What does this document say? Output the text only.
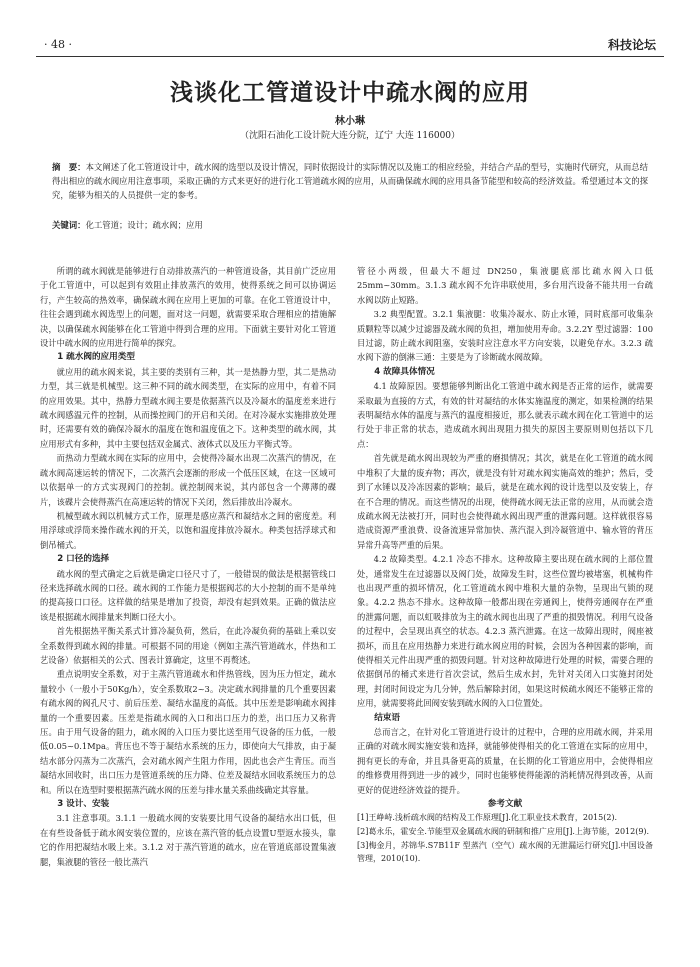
· 48 ·	科技论坛
浅谈化工管道设计中疏水阀的应用
林小琳
（沈阳石油化工设计院大连分院，辽宁 大连 116000）
摘　要：本文阐述了化工管道设计中，疏水阀的选型以及设计情况，同时依据设计的实际情况以及施工的相应经验，并结合产品的型号，实施时代研究，从而总结得出相应的疏水阀应用注意事项，采取正确的方式来更好的进行化工管道疏水阀的应用，从而确保疏水阀的应用具备节能型和较高的经济效益。希望通过本文的探究，能够为相关的人员提供一定的参考。
关键词：化工管道；设计；疏水阀；应用

所谓的疏水阀就是能够进行自动排放蒸汽的一种管道设备，其目前广泛应用于化工管道中，可以起到有效阻止排放蒸汽的效用，使得系统之间可以协调运行，产生较高的热效率，确保疏水阀在应用上更加的可靠。在化工管道设计中，往往会遇到疏水阀选型上的问题，面对这一问题，就需要采取合理相应的措施解决，以确保疏水阀能够在化工管道中得到合理的应用。下面就主要针对化工管道设计中疏水阀的应用进行简单的探究。

1 疏水阀的应用类型

就应用的疏水阀来说，其主要的类别有三种，其一是热静力型，其二是热动力型，其三就是机械型。这三种不同的疏水阀类型，在实际的应用中，有着不同的应用效果。其中，热静力型疏水阀主要是依据蒸汽以及冷凝水的温度差来进行疏水阀感温元件的控制，从而操控阀门的开启和关闭。在对冷凝水实施排放处理时，还需要有效的确保冷凝水的温度在饱和温度值之下。这种类型的疏水阀，其应用形式有多种，其中主要包括双金属式、液体式以及压力平衡式等。

而热动力型疏水阀在实际的应用中，会使得冷凝水出现二次蒸汽的情况，在疏水阀高速运转的情况下，二次蒸汽会逐渐的形成一个低压区域，在这一区域可以依据单一的方式实现阀门的控制。就控制阀来说，其内部包含一个薄薄的碟片，该碟片会使得蒸汽在高速运转的情况下关闭，然后排放出冷凝水。

机械型疏水阀以机械方式工作，原理是感应蒸汽和凝结水之间的密度差。利用浮球或浮筒来操作疏水阀的开关，以饱和温度排放冷凝水。种类包括浮球式和倒吊桶式。

2 口径的选择

疏水阀的型式确定之后就是确定口径尺寸了，一般错误的做法是根据管线口径来选择疏水阀的口径。疏水阀的工作能力是根据阀芯的大小控制的而不是单纯的提高接口口径。这样做的结果是增加了投资，却没有起到效果。正确的做法应该是根据疏水阀排量来判断口径大小。

首先根据热平衡关系式计算冷凝负荷，然后，在此冷凝负荷的基础上乘以安全系数得到疏水阀的排量。可根据不同的用途（例如主蒸汽管道疏水，伴热和工艺设备）依据相关的公式、图表计算确定，这里不再赘述。

重点说明安全系数，对于主蒸汽管道疏水和伴热管线，因为压力恒定，疏水量较小（一般小于50Kg/h），安全系数取2~3。决定疏水阀排量的几个重要因素有疏水阀的阀孔尺寸、前后压差、凝结水温度的高低。其中压差是影响疏水阀排量的一个重要因素。压差是指疏水阀的入口和出口压力的差，出口压力又称背压。由于用气设备的阻力，疏水阀的入口压力要比送至用气设备的压力低，一般低0.05~0.1Mpa。背压也不等于凝结水系统的压力，即使向大气排放，由于凝结水部分闪蒸为二次蒸汽，会对疏水阀产生阻力作用，因此也会产生背压。而当凝结水回收时，出口压力是管道系统的压力降、位差及凝结水回收系统压力的总和。所以在选型时要根据蒸汽疏水阀的压差与排水量关系曲线确定其容量。

3 设计、安装

3.1 注意事项。3.1.1 一般疏水阀的安装要比用气设备的凝结水出口低，但在有些设备低于疏水阀安装位置的，应该在蒸汽管的低点设置U型返水接头，靠它的作用把凝结水吸上来。3.1.2 对于蒸汽管道的疏水，应在管道底部设置集液腿，集液腿的管径一般比蒸汽

管径小两级，但最大不超过 DN250，集液腿底部比疏水阀入口低25mm~30mm。3.1.3 疏水阀不允许串联使用，多台用汽设备不能共用一台疏水阀以防止短路。

3.2 典型配置。3.2.1 集液腿：收集冷凝水、防止水锤，同时底部可收集杂质颗粒等以减少过滤器及疏水阀的负担，增加使用寿命。3.2.2Y 型过滤器：100 目过滤，防止疏水阀阻塞，安装时应注意水平方向安装，以避免存水。3.2.3 疏水阀下游的倒淋三通：主要是为了诊断疏水阀故障。

4 故障具体情况

4.1 故障原因。要想能够判断出化工管道中疏水阀是否正常的运作，就需要采取最为直接的方式，有效的针对凝结的水体实施温度的测定，如果检测的结果表明凝结水体的温度与蒸汽的温度相接近，那么就表示疏水阀在化工管道中的运行处于非正常的状态，造成疏水阀出现阻力损失的原因主要原则则包括以下几点：

首先就是疏水阀出现较为严重的磨损情况；其次，就是在化工管道的疏水阀中堆积了大量的废弃物；再次，就是没有针对疏水阀实施高效的维护；然后，受到了水锤以及冷冻因素的影响；最后，就是在疏水阀的设计选型以及安装上，存在不合理的情况。而这些情况的出现，使得疏水阀无法正常的应用，从而就会造成疏水阀无法被打开，同时也会使得疏水阀出现严重的泄露问题。这样就很容易造成资源严重浪费、设备流速异常加快、蒸汽混入到冷凝管道中、输水管的背压异常升高等严重的后果。

4.2 故障类型。4.2.1 冷态不排水。这种故障主要出现在疏水阀的上部位置处，通常发生在过滤器以及阀门处，故障发生时，这些位置均被堵塞，机械构件也出现严重的损坏情况，化工管道疏水阀中堆积大量的杂物，呈现出气锁的现象。4.2.2 热态不排水。这种故障一般都出现在旁通阀上，使得旁通阀存在严重的泄露问题，而以虹吸排放为主的疏水阀也出现了严重的损毁情况。利用气设备的过程中，会呈现出真空的状态。4.2.3 蒸汽泄露。在这一故障出现时，阀座被损坏，而且在应用热静力来进行疏水阀应用的时候，会因为各种因素的影响，而使得相关元件出现严重的损毁问题。针对这种故障进行处理的时候，需要合理的依据倒吊的桶式来进行首次尝试，然后生成水封，先针对关闭入口实施封闭处理，封闭时间设定为几分钟，然后解除封闭，如果这时候疏水阀还不能够正常的应用，就需要将此回阀安装到疏水阀的入口位置处。

结束语

总而言之，在针对化工管道进行设计的过程中，合理的应用疏水阀，并采用正确的对疏水阀实施安装和选择，就能够使得相关的化工管道在实际的应用中，拥有更长的寿命，并且具备更高的质量，在长期的化工管道应用中，会使得相应的维修费用得到进一步的减少，同时也能够使得能源的消耗情况得到改善，从而更好的促进经济效益的提升。

参考文献

[1]王峥峙.浅析疏水阀的结构及工作原理[J].化工职业技术教育，2015(2).

[2]葛永乐，霍安全.节能型双金属疏水阀的研制和推广应用[J].上海节能，2012(9).

[3]梅金月，苏锦华.S7B11F 型蒸汽（空气）疏水阀的无泄漏运行研究[J].中国设备管理，2010(10).
